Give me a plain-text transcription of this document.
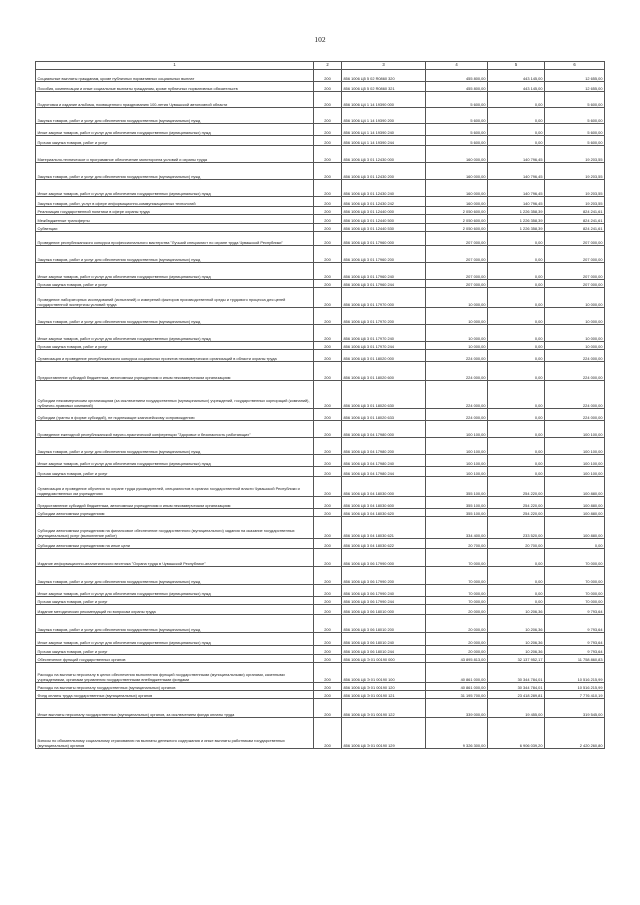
102
1	2	3	4	5	6
Социальные выплаты гражданам, кроме публичных нормативных социальных выплат	200	856 1006 Ц5 5 02 R0860 320	455 800,00	443 145,00	12 655,00
Пособия, компенсации и иные социальные выплаты гражданам, кроме публичных нормативных обязательств	200	856 1006 Ц5 5 02 R0860 321	455 800,00	443 145,00	12 655,00
Подготовка и издание альбома, посвященного празднованию 100-летия Чувашской автономной области	200	856 1006 Ц4 1 14 19390 000	5 600,00	0,00	5 600,00
Закупка товаров, работ и услуг для обеспечения государственных (муниципальных) нужд	200	856 1006 Ц4 1 14 19390 200	5 600,00	0,00	5 600,00
Иные закупки товаров, работ и услуг для обеспечения государственных (муниципальных) нужд	200	856 1006 Ц4 1 14 19390 240	5 600,00	0,00	5 600,00
Прочая закупка товаров, работ и услуг	200	856 1006 Ц4 1 14 19390 244	5 600,00	0,00	5 600,00
Материально-техническое и программное обеспечение мониторинга условий и охраны труда	200	856 1006 Ц6 3 01 12430 000	160 000,00	140 796,45	19 203,55
Закупка товаров, работ и услуг для обеспечения государственных (муниципальных) нужд	200	856 1006 Ц6 3 01 12430 200	160 000,00	140 796,45	19 203,55
Иные закупки товаров, работ и услуг для обеспечения государственных (муниципальных) нужд	200	856 1006 Ц6 3 01 12430 240	160 000,00	140 796,45	19 203,55
Закупка товаров, работ, услуг в сфере информационно-коммуникационных технологий	200	856 1006 Ц6 3 01 12430 242	160 000,00	140 796,45	19 203,55
Реализация государственной политики в сфере охраны труда	200	856 1006 Ц6 3 01 12440 000	2 050 600,00	1 226 358,39	824 241,61
Межбюджетные трансферты	200	856 1006 Ц6 3 01 12440 500	2 050 600,00	1 226 358,39	824 241,61
Субвенции	200	856 1006 Ц6 3 01 12440 530	2 050 600,00	1 226 358,39	824 241,61
Проведение республиканского конкурса профессионального мастерства "Лучший специалист по охране труда Чувашской Республики"	200	856 1006 Ц6 3 01 17960 000	207 000,00	0,00	207 000,00
Закупка товаров, работ и услуг для обеспечения государственных (муниципальных) нужд	200	856 1006 Ц6 3 01 17960 200	207 000,00	0,00	207 000,00
Иные закупки товаров, работ и услуг для обеспечения государственных (муниципальных) нужд	200	856 1006 Ц6 3 01 17960 240	207 000,00	0,00	207 000,00
Прочая закупка товаров, работ и услуг	200	856 1006 Ц6 3 01 17960 244	207 000,00	0,00	207 000,00
Проведение лабораторных исследований (испытаний) и измерений факторов производственной среды и трудового процесса для целей государственной экспертизы условий труда	200	856 1006 Ц6 3 01 17970 000	10 000,00	0,00	10 000,00
Закупка товаров, работ и услуг для обеспечения государственных (муниципальных) нужд	200	856 1006 Ц6 3 01 17970 200	10 000,00	0,00	10 000,00
Иные закупки товаров, работ и услуг для обеспечения государственных (муниципальных) нужд	200	856 1006 Ц6 3 01 17970 240	10 000,00	0,00	10 000,00
Прочая закупка товаров, работ и услуг	200	856 1006 Ц6 3 01 17970 244	10 000,00	0,00	10 000,00
Организация и проведение республиканского конкурса социальных проектов некоммерческих организаций в области охраны труда	200	856 1006 Ц6 3 01 18020 000	224 000,00	0,00	224 000,00
Предоставление субсидий бюджетным, автономным учреждениям и иным некоммерческим организациям	200	856 1006 Ц6 3 01 18020 600	224 000,00	0,00	224 000,00
Субсидии некоммерческим организациям (за исключением государственных (муниципальных) учреждений, государственных корпораций (компаний), публично-правовых компаний)	200	856 1006 Ц6 3 01 18020 630	224 000,00	0,00	224 000,00
Субсидии (гранты в форме субсидий), не подлежащие казначейскому сопровождению	200	856 1006 Ц6 3 01 18020 633	224 000,00	0,00	224 000,00
Проведение ежегодной республиканской научно-практической конференции "Здоровье и безопасность работающих"	200	856 1006 Ц6 3 04 17980 000	100 100,00	0,00	100 100,00
Закупка товаров, работ и услуг для обеспечения государственных (муниципальных) нужд	200	856 1006 Ц6 3 04 17980 200	100 100,00	0,00	100 100,00
Иные закупки товаров, работ и услуг для обеспечения государственных (муниципальных) нужд	200	856 1006 Ц6 3 04 17980 240	100 100,00	0,00	100 100,00
Прочая закупка товаров, работ и услуг	200	856 1006 Ц6 3 04 17980 244	100 100,00	0,00	100 100,00
Организация и проведение обучения по охране труда руководителей, специалистов в органах государственной власти Чувашской Республики и подведомственных им учреждениях	200	856 1006 Ц6 3 04 18030 000	355 100,00	254 220,00	100 880,00
Предоставление субсидий бюджетным, автономным учреждениям и иным некоммерческим организациям	200	856 1006 Ц6 3 04 18030 600	355 100,00	254 220,00	100 880,00
Субсидии автономным учреждениям	200	856 1006 Ц6 3 04 18030 620	355 100,00	254 220,00	100 880,00
Субсидии автономным учреждениям на финансовое обеспечение государственного (муниципального) задания на оказание государственных (муниципальных) услуг (выполнение работ)	200	856 1006 Ц6 3 04 18030 621	334 400,00	233 520,00	100 880,00
Субсидии автономным учреждениям на иные цели	200	856 1006 Ц6 3 04 18030 622	20 700,00	20 700,00	0,00
Издание информационно-аналитического вестника "Охрана труда в Чувашской Республике"	200	856 1006 Ц6 3 06 17990 000	70 000,00	0,00	70 000,00
Закупка товаров, работ и услуг для обеспечения государственных (муниципальных) нужд	200	856 1006 Ц6 3 06 17990 200	70 000,00	0,00	70 000,00
Иные закупки товаров, работ и услуг для обеспечения государственных (муниципальных) нужд	200	856 1006 Ц6 3 06 17990 240	70 000,00	0,00	70 000,00
Прочая закупка товаров, работ и услуг	200	856 1006 Ц6 3 06 17990 244	70 000,00	0,00	70 000,00
Издание методических рекомендаций по вопросам охраны труда	200	856 1006 Ц6 3 06 18010 000	20 000,00	10 206,36	9 793,64
Закупка товаров, работ и услуг для обеспечения государственных (муниципальных) нужд	200	856 1006 Ц6 3 06 18010 200	20 000,00	10 206,36	9 793,64
Иные закупки товаров, работ и услуг для обеспечения государственных (муниципальных) нужд	200	856 1006 Ц6 3 06 18010 240	20 000,00	10 206,36	9 793,64
Прочая закупка товаров, работ и услуг	200	856 1006 Ц6 3 06 18010 244	20 000,00	10 206,36	9 793,64
Обеспечение функций государственных органов	200	856 1006 Ц6 Э 01 00190 000	43 895 813,00	32 137 952,17	11 758 860,83
Расходы на выплаты персоналу в целях обеспечения выполнения функций государственными (муниципальными) органами, казенными учреждениями, органами управления государственными внебюджетными фондами	200	856 1006 Ц6 Э 01 00190 100	40 861 000,00	30 344 784,01	10 516 215,99
Расходы на выплаты персоналу государственных (муниципальных) органов	200	856 1006 Ц6 Э 01 00190 120	40 861 000,00	30 344 784,01	10 516 215,99
Фонд оплаты труда государственных (муниципальных) органов	200	856 1006 Ц6 Э 01 00190 121	31 195 700,00	23 418 289,81	7 776 410,19
Иные выплаты персоналу государственных (муниципальных) органов, за исключением фонда оплаты труда	200	856 1006 Ц6 Э 01 00190 122	339 000,00	19 455,00	319 545,00
Взносы по обязательному социальному страхованию на выплаты денежного содержания и иные выплаты работникам государственных (муниципальных) органов	200	856 1006 Ц6 Э 01 00190 129	9 326 300,00	6 906 039,20	2 420 260,80
